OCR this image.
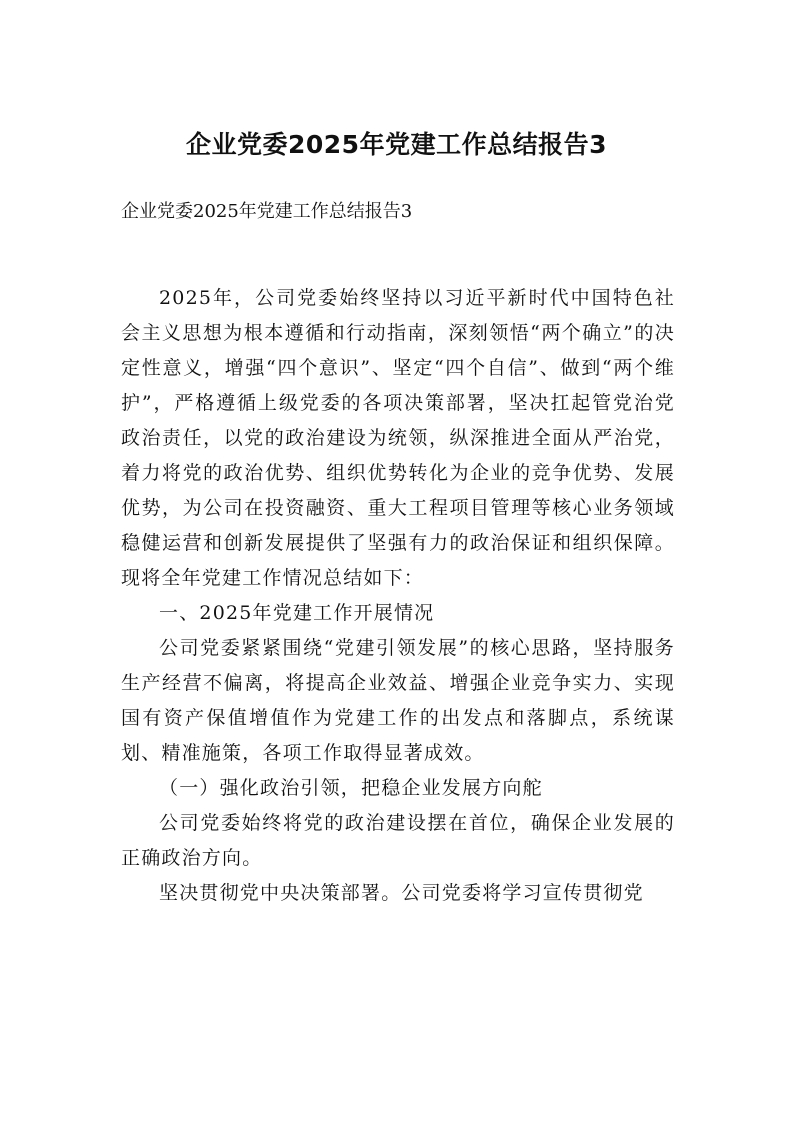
企业党委2025年党建工作总结报告3

企业党委2025年党建工作总结报告3

2025年，公司党委始终坚持以习近平新时代中国特色社会主义思想为根本遵循和行动指南，深刻领悟“两个确立”的决定性意义，增强“四个意识”、坚定“四个自信”、做到“两个维护”，严格遵循上级党委的各项决策部署，坚决扛起管党治党政治责任，以党的政治建设为统领，纵深推进全面从严治党，着力将党的政治优势、组织优势转化为企业的竞争优势、发展优势，为公司在投资融资、重大工程项目管理等核心业务领域稳健运营和创新发展提供了坚强有力的政治保证和组织保障。现将全年党建工作情况总结如下：

一、2025年党建工作开展情况

公司党委紧紧围绕“党建引领发展”的核心思路，坚持服务生产经营不偏离，将提高企业效益、增强企业竞争实力、实现国有资产保值增值作为党建工作的出发点和落脚点，系统谋划、精准施策，各项工作取得显著成效。

（一）强化政治引领，把稳企业发展方向舵

公司党委始终将党的政治建设摆在首位，确保企业发展的正确政治方向。

坚决贯彻党中央决策部署。公司党委将学习宣传贯彻党
